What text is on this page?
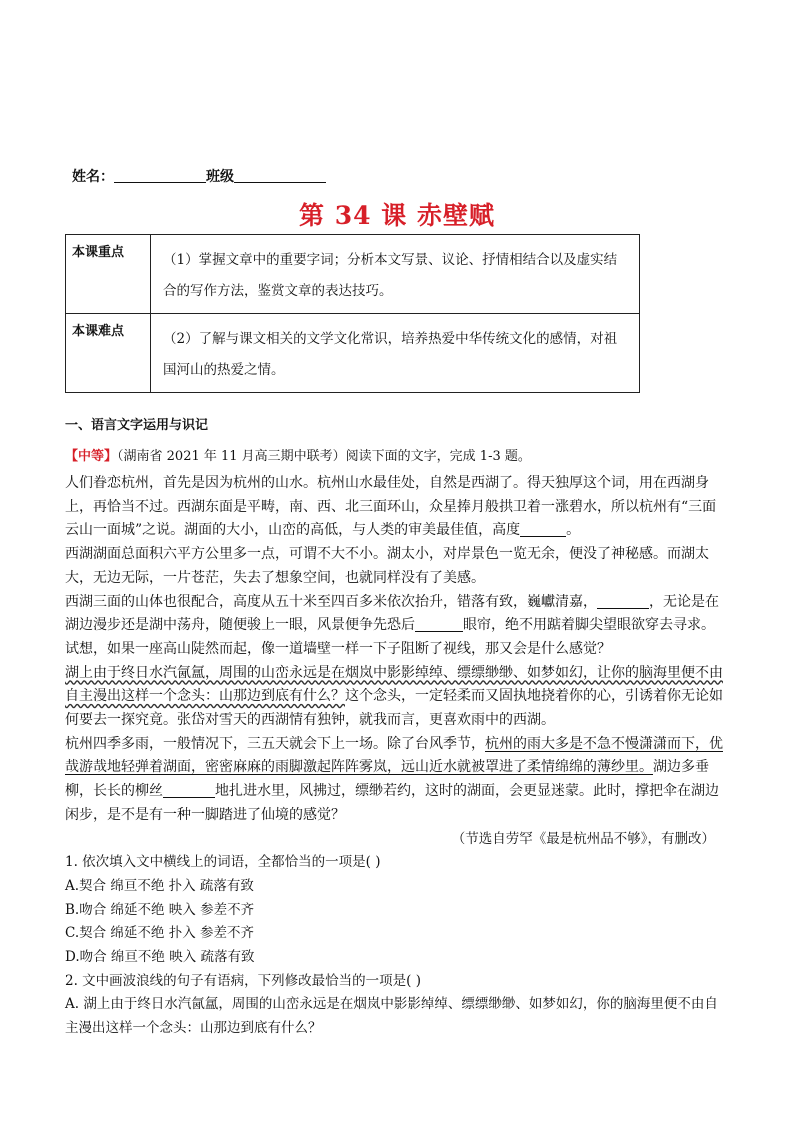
姓名：	班级
第 34 课 赤壁赋
本课重点	（1）掌握文章中的重要字词；分析本文写景、议论、抒情相结合以及虚实结合的写作方法，鉴赏文章的表达技巧。
本课难点	（2）了解与课文相关的文学文化常识，培养热爱中华传统文化的感情，对祖国河山的热爱之情。
一、语言文字运用与识记
【中等】（湖南省 2021 年 11 月高三期中联考）阅读下面的文字，完成 1-3 题。

人们眷恋杭州，首先是因为杭州的山水。杭州山水最佳处，自然是西湖了。得天独厚这个词，用在西湖身上，再恰当不过。西湖东面是平畴，南、西、北三面环山，众星捧月般拱卫着一涨碧水，所以杭州有“三面云山一面城”之说。湖面的大小，山峦的高低，与人类的审美最佳值，高度	。

西湖湖面总面积六平方公里多一点，可谓不大不小。湖太小，对岸景色一览无余，便没了神秘感。而湖太大，无边无际，一片苍茫，失去了想象空间，也就同样没有了美感。

西湖三面的山体也很配合，高度从五十米至四百多米依次抬升，错落有致，巍巘清嘉，	，无论是在湖边漫步还是湖中荡舟，随便骏上一眼，风景便争先恐后	眼帘，绝不用踮着脚尖望眼欲穿去寻求。试想，如果一座高山陡然而起，像一道墙壁一样一下子阻断了视线，那又会是什么感觉？

湖上由于终日水汽氤氲，周围的山峦永远是在烟岚中影影绰绰、缥缥缈缈、如梦如幻，让你的脑海里便不由自主漫出这样一个念头：山那边到底有什么？这个念头，一定轻柔而又固执地挠着你的心，引诱着你无论如何要去一探究竟。张岱对雪天的西湖情有独钟，就我而言，更喜欢雨中的西湖。

杭州四季多雨，一般情况下，三五天就会下上一场。除了台风季节，杭州的雨大多是不急不慢潇潇而下，优哉游哉地轻弹着湖面，密密麻麻的雨脚激起阵阵雾岚，远山近水就被罩进了柔情绵绵的薄纱里。湖边多垂柳，长长的柳丝	地扎进水里，风拂过，缥缈若约，这时的湖面，会更显迷蒙。此时，撑把伞在湖边闲步，是不是有一种一脚踏进了仙境的感觉？

（节选自劳罕《最是杭州品不够》，有删改）

1. 依次填入文中横线上的词语，全都恰当的一项是( )

A.契合 绵亘不绝 扑入 疏落有致

B.吻合 绵延不绝 映入 参差不齐

C.契合 绵延不绝 扑入 参差不齐

D.吻合 绵亘不绝 映入 疏落有致

2. 文中画波浪线的句子有语病，下列修改最恰当的一项是( )

A. 湖上由于终日水汽氤氲，周围的山峦永远是在烟岚中影影绰绰、缥缥缈缈、如梦如幻，你的脑海里便不由自主漫出这样一个念头：山那边到底有什么？
